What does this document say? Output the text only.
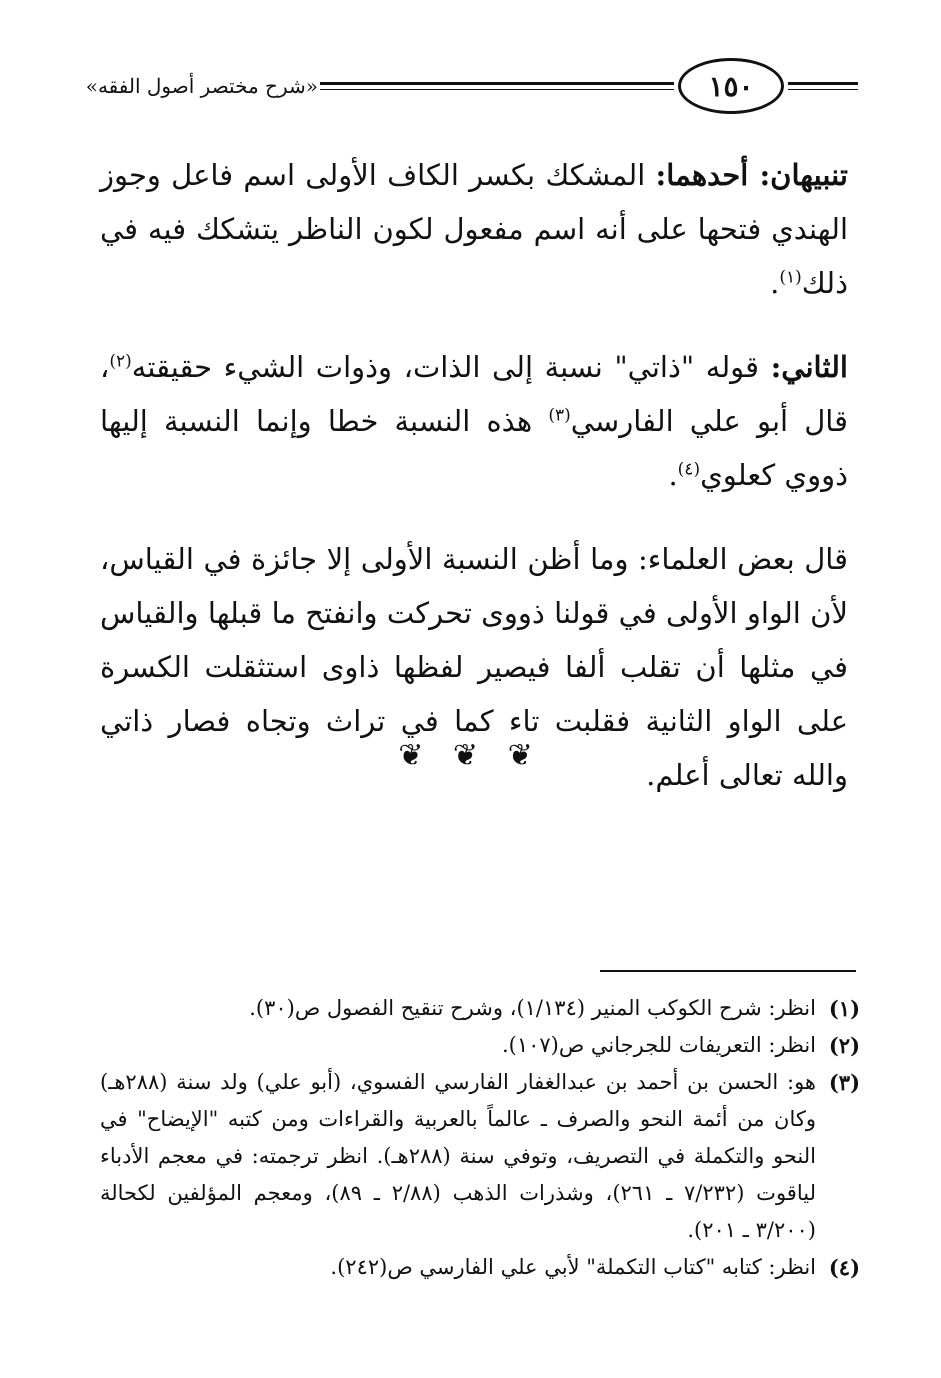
«شرح مختصر أصول الفقه»	١٥٠

تنبيهان: أحدهما: المشكك بكسر الكاف الأولى اسم فاعل وجوز الهندي فتحها على أنه اسم مفعول لكون الناظر يتشكك فيه في ذلك$^{(١)}$.

الثاني: قوله "ذاتي" نسبة إلى الذات، وذوات الشيء حقيقته$^{(٢)}$، قال أبو علي الفارسي$^{(٣)}$ هذه النسبة خطا وإنما النسبة إليها ذووي كعلوي$^{(٤)}$.

قال بعض العلماء: وما أظن النسبة الأولى إلا جائزة في القياس، لأن الواو الأولى في قولنا ذووى تحركت وانفتح ما قبلها والقياس في مثلها أن تقلب ألفا فيصير لفظها ذاوى استثقلت الكسرة على الواو الثانية فقلبت تاء كما في تراث وتجاه فصار ذاتي والله تعالى أعلم.

❦ ❦ ❦
(١)
انظر: شرح الكوكب المنير (١/١٣٤)، وشرح تنقيح الفصول ص(٣٠).
(٢)
انظر: التعريفات للجرجاني ص(١٠٧).
(٣)
هو: الحسن بن أحمد بن عبدالغفار الفارسي الفسوي، (أبو علي) ولد سنة (٢٨٨هـ) وكان من أئمة النحو والصرف ـ عالماً بالعربية والقراءات ومن كتبه "الإيضاح" في النحو والتكملة في التصريف، وتوفي سنة (٢٨٨هـ). انظر ترجمته: في معجم الأدباء لياقوت (٧/٢٣٢ ـ ٢٦١)، وشذرات الذهب (٢/٨٨ ـ ٨٩)، ومعجم المؤلفين لكحالة (٣/٢٠٠ ـ ٢٠١).
(٤)
انظر: كتابه "كتاب التكملة" لأبي علي الفارسي ص(٢٤٢).
